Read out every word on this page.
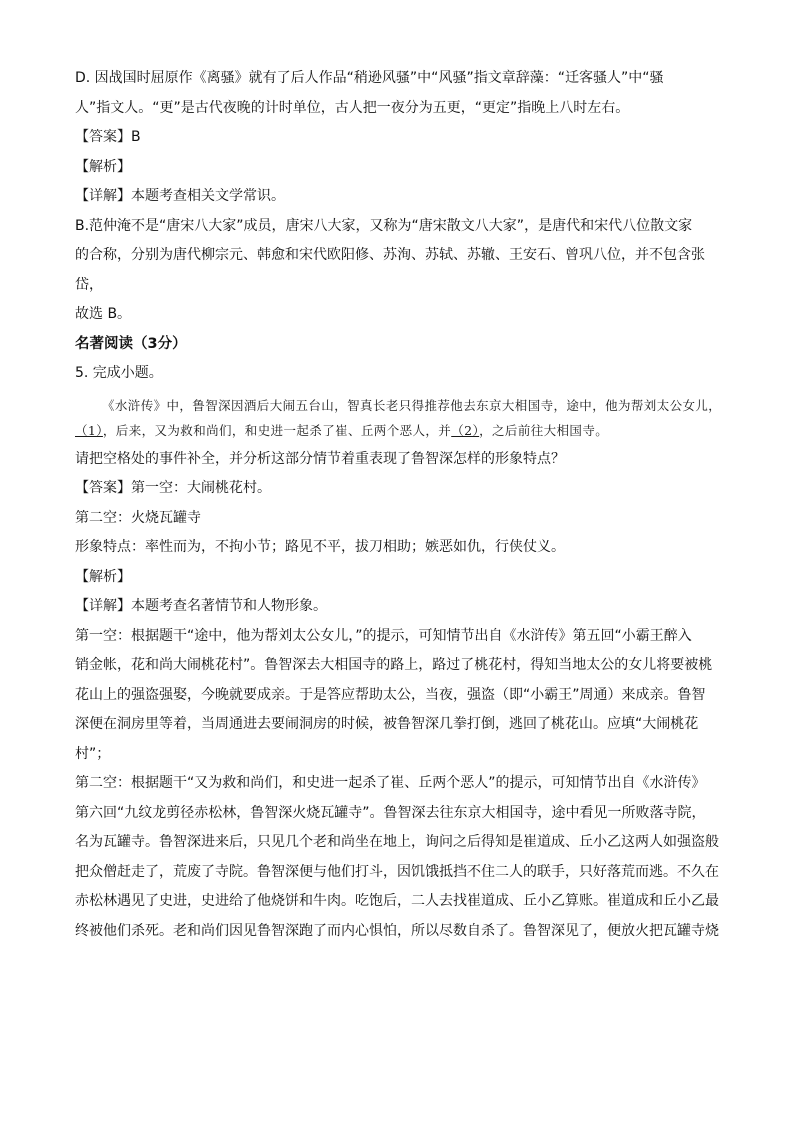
D. 因战国时屈原作《离骚》就有了后人作品“稍逊风骚”中“风骚”指文章辞藻：“迁客骚人”中“骚

人”指文人。“更”是古代夜晚的计时单位，古人把一夜分为五更，“更定”指晚上八时左右。

【答案】B

【解析】

【详解】本题考查相关文学常识。

B.范仲淹不是“唐宋八大家”成员，唐宋八大家，又称为“唐宋散文八大家”，是唐代和宋代八位散文家

的合称，分别为唐代柳宗元、韩愈和宋代欧阳修、苏洵、苏轼、苏辙、王安石、曾巩八位，并不包含张

岱，

故选 B。

名著阅读（3分）

5. 完成小题。

《水浒传》中，鲁智深因酒后大闹五台山，智真长老只得推荐他去东京大相国寺，途中，他为帮刘太公女儿，（1），后来，又为救和尚们，和史进一起杀了崔、丘两个恶人，并（2），之后前往大相国寺。

请把空格处的事件补全，并分析这部分情节着重表现了鲁智深怎样的形象特点？

【答案】第一空：大闹桃花村。

第二空：火烧瓦罐寺

形象特点：率性而为，不拘小节；路见不平，拔刀相助；嫉恶如仇，行侠仗义。

【解析】

【详解】本题考查名著情节和人物形象。

第一空：根据题干“途中，他为帮刘太公女儿，”的提示，可知情节出自《水浒传》第五回“小霸王醉入

销金帐，花和尚大闹桃花村”。鲁智深去大相国寺的路上，路过了桃花村，得知当地太公的女儿将要被桃

花山上的强盗强娶，今晚就要成亲。于是答应帮助太公，当夜，强盗（即“小霸王”周通）来成亲。鲁智

深便在洞房里等着，当周通进去要闹洞房的时候，被鲁智深几拳打倒，逃回了桃花山。应填“大闹桃花

村”；

第二空：根据题干“又为救和尚们，和史进一起杀了崔、丘两个恶人”的提示，可知情节出自《水浒传》

第六回“九纹龙剪径赤松林，鲁智深火烧瓦罐寺”。鲁智深去往东京大相国寺，途中看见一所败落寺院，

名为瓦罐寺。鲁智深进来后，只见几个老和尚坐在地上，询问之后得知是崔道成、丘小乙这两人如强盗般

把众僧赶走了，荒废了寺院。鲁智深便与他们打斗，因饥饿抵挡不住二人的联手，只好落荒而逃。不久在

赤松林遇见了史进，史进给了他烧饼和牛肉。吃饱后，二人去找崔道成、丘小乙算账。崔道成和丘小乙最

终被他们杀死。老和尚们因见鲁智深跑了而内心惧怕，所以尽数自杀了。鲁智深见了，便放火把瓦罐寺烧
